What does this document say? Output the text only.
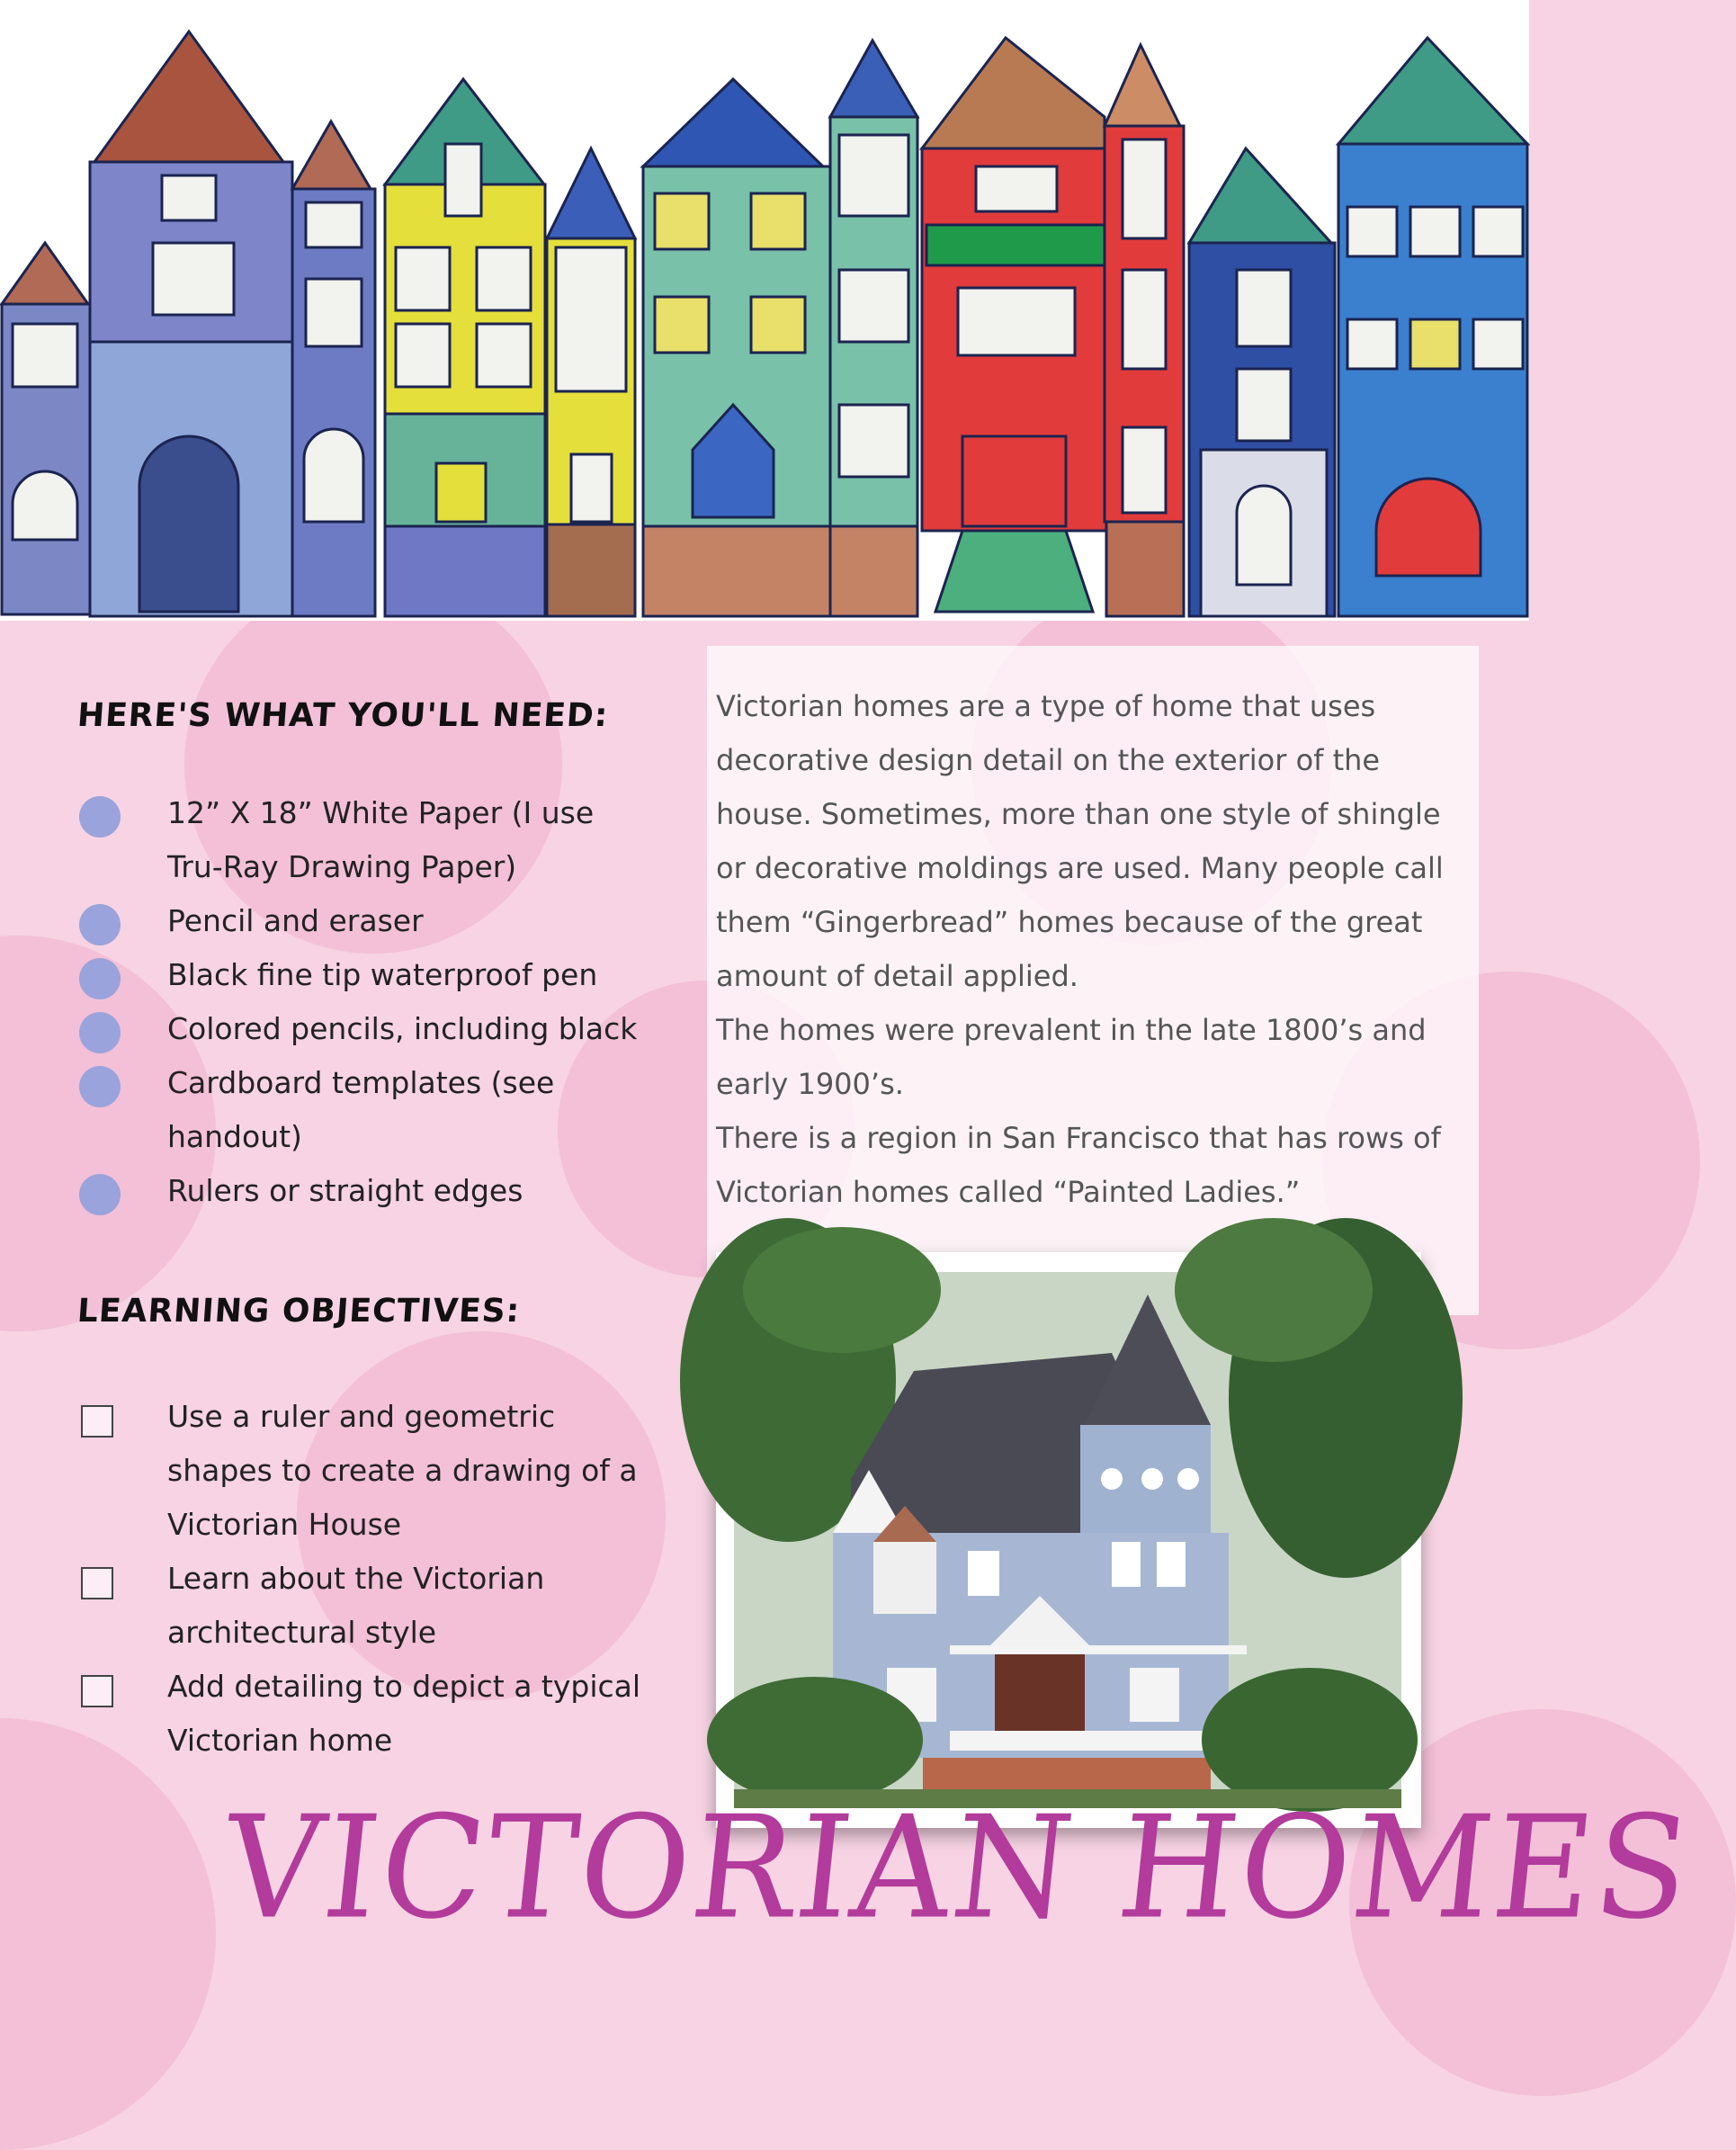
HERE'S WHAT YOU'LL NEED:
12” X 18” White Paper (I use Tru-Ray Drawing Paper)
Pencil and eraser
Black fine tip waterproof pen
Colored pencils, including black
Cardboard templates (see handout)
Rulers or straight edges
LEARNING OBJECTIVES:
Use a ruler and geometric shapes to create a drawing of a Victorian House
Learn about the Victorian architectural style
Add detailing to depict a typical Victorian home

Victorian homes are a type of home that uses decorative design detail on the exterior of the house. Sometimes, more than one style of shingle or decorative moldings are used. Many people call them “Gingerbread” homes because of the great amount of detail applied.

The homes were prevalent in the late 1800’s and early 1900’s.

There is a region in San Francisco that has rows of Victorian homes called “Painted Ladies.”

VICTORIAN HOMES
